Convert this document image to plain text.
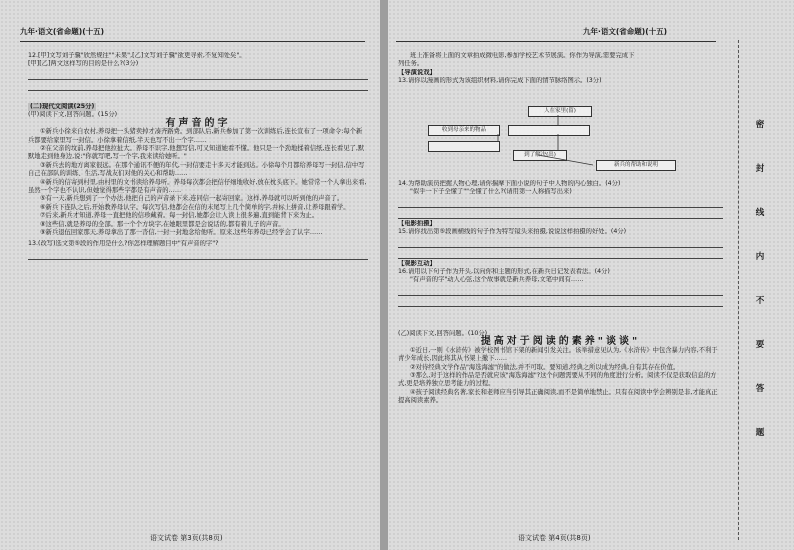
九年·语文(省命题)(十五)
12.[甲]文写刘子骥"欣然规往""未果",[乙]文写刘子骥"欲更寻索,不复知处矣"。
[甲][乙]两文这样写的目的是什么?(3分)
(二)现代文阅读(25分)
(甲)阅读下文,回答问题。(15分)
有声音的字
①新兵小徐来自农村,养母把一头猪卖掉才凑齐路费。到部队后,新兵参加了第一次训练后,连长宣布了一项命令:每个新兵都要给家里写一封信。小徐拿着信纸,半天也写不出一个字……
②在父亲的坟前,养母把他拉扯大。养母不识字,他想写信,可又知道她看不懂。他只是一个劲地揉着信纸,连长看见了,默默地走到他身边,说:"你就写吧,写一个字,我来读给她听。"
③新兵去的地方离家很远。在那个通讯不便的年代,一封信要走十多天才能到达。小徐每个月都给养母写一封信,信中写自己在部队的训练、生活,写战友们对他的关心和帮助……
④新兵的信寄到村里,由村里的文书读给养母听。养母每次都会把信仔细地收好,放在枕头底下。她常常一个人拿出来看,虽然一个字也不认识,但她觉得那些字都是有声音的……
⑤有一天,新兵想到了一个办法,他把自己的声音录下来,连同信一起寄回家。这样,养母就可以听到他的声音了。
⑥新兵下连队之后,开始教养母认字。每次写信,他都会在信的末尾写上几个简单的字,并标上拼音,让养母跟着学。
⑦后来,新兵才知道,养母一直把他的信珍藏着。每一封信,她都会让人读上很多遍,直到能背下来为止。
⑧这些信,就是养母的全部。那一个个方块字,在她眼里都是会说话的,都有着儿子的声音。
⑨新兵退伍回家那天,养母拿出了那一沓信,一封一封地念给他听。原来,这些年养母已经学会了认字……
13.(改写)选文第⑤段的作用是什么?你怎样理解题目中"有声音的字"?
语文试卷 第3页(共8页)
九年·语文(省命题)(十五)
班上准备将上面的文章拍成微电影,参加学校艺术节展演。你作为导演,需要完成下
列任务。
【导演说戏】
13.请你以漫画的形式为该组织材料,请你完成下面的情节脉络图示。(3分)
人在家里(留)
收到母亲来的物品
到了解决(出)
新兵的帮助和说明
14.为帮助演员把握人物心理,请你揣摩下面小说的句子中人物的内心独白。(4分)
"似乎一下子全懂了""全懂了什么?(请用第一人称描写出来)
【电影拍摄】
15.请你找出第⑤段画横线的句子作为特写镜头来拍摄,说说这样拍摄的好处。(4分)
【观影互动】
16.请用以下句子作为开头,以向你和主题的形式,在新兵日记发表看法。(4分)
"有声音的字"动人心弦,这个故事就是新兵养母,文笔中间有……
(乙)阅读下文,回答问题。(10分)
提高对于阅读的素养"谈谈"
①近日,一则《水浒传》被学校图书馆下架的新闻引发关注。该举措意见认为,《水浒传》中包含暴力内容,不利于青少年成长,因此将其从书架上撤下……
②对待经典文学作品"海选海滤"的做法,并不可取。要知道,经典之所以成为经典,自有其存在价值。
③那么,对于这样的作品是否就应该"海选海滤"?这个问题需要从不同的角度进行分析。阅读不仅是获取信息的方式,更是培养独立思考能力的过程。
④孩子阅读经典名著,家长和老师应当引导其正确阅读,而不是简单地禁止。只有在阅读中学会辨别是非,才能真正提高阅读素养。
语文试卷 第4页(共8页)
密
封
线
内
不
要
答
题
